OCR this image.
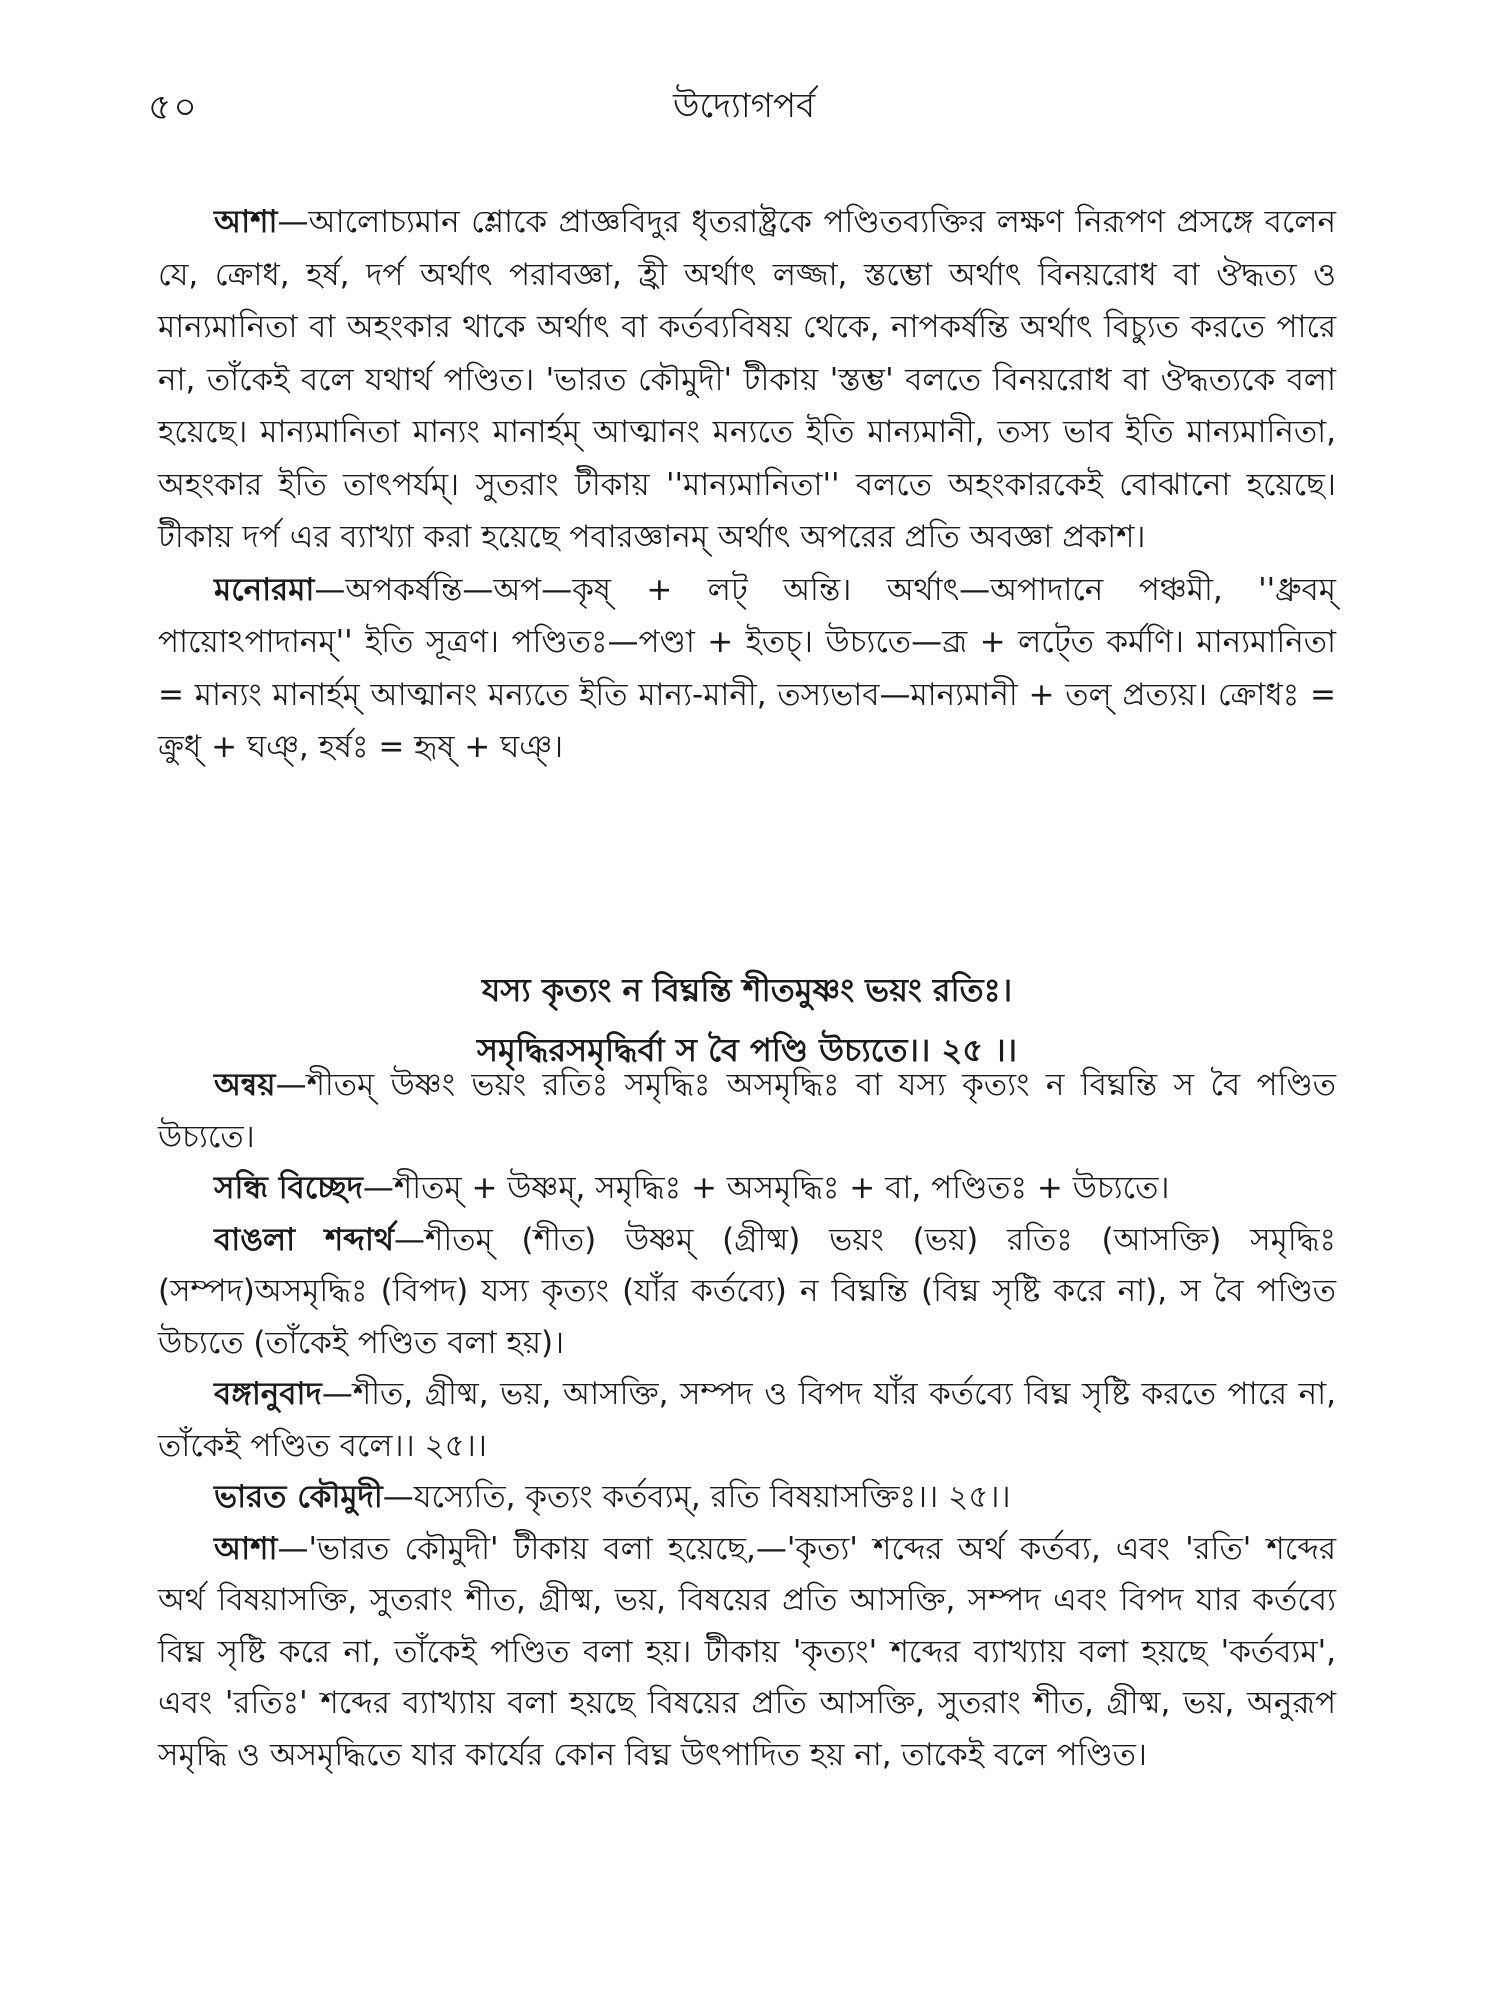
৫০	উদ্যোগপর্ব

আশা—আলোচ্যমান শ্লোকে প্রাজ্ঞবিদুর ধৃতরাষ্ট্রকে পণ্ডিতব্যক্তির লক্ষণ নিরূপণ প্রসঙ্গে বলেন যে, ক্রোধ, হর্ষ, দর্প অর্থাৎ পরাবজ্ঞা, হ্রী অর্থাৎ লজ্জা, স্তম্ভো অর্থাৎ বিনয়রোধ বা ঔদ্ধত্য ও মান্যমানিতা বা অহংকার থাকে অর্থাৎ বা কর্তব্যবিষয় থেকে, নাপকর্ষন্তি অর্থাৎ বিচ্যুত করতে পারে না, তাঁকেই বলে যথার্থ পণ্ডিত। 'ভারত কৌমুদী' টীকায় 'স্তম্ভ' বলতে বিনয়রোধ বা ঔদ্ধত্যকে বলা হয়েছে। মান্যমানিতা মান্যং মানার্হম্ আত্মানং মন্যতে ইতি মান্যমানী, তস্য ভাব ইতি মান্যমানিতা, অহংকার ইতি তাৎপর্যম্। সুতরাং টীকায় ''মান্যমানিতা'' বলতে অহংকারকেই বোঝানো হয়েছে। টীকায় দর্প এর ব্যাখ্যা করা হয়েছে পবারজ্ঞানম্ অর্থাৎ অপরের প্রতি অবজ্ঞা প্রকাশ।

মনোরমা—অপকর্ষন্তি—অপ—কৃষ্ + লট্ অন্তি। অর্থাৎ—অপাদানে পঞ্চমী, ''ধ্রুবম্ পায়োঽপাদানম্'' ইতি সূত্রণ। পণ্ডিতঃ—পণ্ডা + ইতচ্। উচ্যতে—ব্রূ + লট্তে কর্মণি। মান্যমানিতা = মান্যং মানার্হম্ আত্মানং মন্যতে ইতি মান্য-মানী, তস্যভাব—মান্যমানী + তল্ প্রত্যয়। ক্রোধঃ = ক্রুধ্ + ঘঞ্, হর্ষঃ = হৃষ্ + ঘঞ্।

যস্য কৃত্যং ন বিঘ্নন্তি শীতমুষ্ণং ভয়ং রতিঃ।
সমৃদ্ধিরসমৃদ্ধির্বা স বৈ পণ্ডি উচ্যতে।। ২৫ ।।

অন্বয়—শীতম্ উষ্ণং ভয়ং রতিঃ সমৃদ্ধিঃ অসমৃদ্ধিঃ বা যস্য কৃত্যং ন বিঘ্নন্তি স বৈ পণ্ডিত উচ্যতে।

সন্ধি বিচ্ছেদ—শীতম্ + উষ্ণম্, সমৃদ্ধিঃ + অসমৃদ্ধিঃ + বা, পণ্ডিতঃ + উচ্যতে।

বাঙলা শব্দার্থ—শীতম্ (শীত) উষ্ণম্ (গ্রীষ্ম) ভয়ং (ভয়) রতিঃ (আসক্তি) সমৃদ্ধিঃ (সম্পদ)অসমৃদ্ধিঃ (বিপদ) যস্য কৃত্যং (যাঁর কর্তব্যে) ন বিঘ্নন্তি (বিঘ্ন সৃষ্টি করে না), স বৈ পণ্ডিত উচ্যতে (তাঁকেই পণ্ডিত বলা হয়)।

বঙ্গানুবাদ—শীত, গ্রীষ্ম, ভয়, আসক্তি, সম্পদ ও বিপদ যাঁর কর্তব্যে বিঘ্ন সৃষ্টি করতে পারে না, তাঁকেই পণ্ডিত বলে।। ২৫।।

ভারত কৌমুদী—যস্যেতি, কৃত্যং কর্তব্যম্, রতি বিষয়াসক্তিঃ।। ২৫।।

আশা—'ভারত কৌমুদী' টীকায় বলা হয়েছে,—'কৃত্য' শব্দের অর্থ কর্তব্য, এবং 'রতি' শব্দের অর্থ বিষয়াসক্তি, সুতরাং শীত, গ্রীষ্ম, ভয়, বিষয়ের প্রতি আসক্তি, সম্পদ এবং বিপদ যার কর্তব্যে বিঘ্ন সৃষ্টি করে না, তাঁকেই পণ্ডিত বলা হয়। টীকায় 'কৃত্যং' শব্দের ব্যাখ্যায় বলা হয়ছে 'কর্তব্যম', এবং 'রতিঃ' শব্দের ব্যাখ্যায় বলা হয়ছে বিষয়ের প্রতি আসক্তি, সুতরাং শীত, গ্রীষ্ম, ভয়, অনুরূপ সমৃদ্ধি ও অসমৃদ্ধিতে যার কার্যের কোন বিঘ্ন উৎপাদিত হয় না, তাকেই বলে পণ্ডিত।
